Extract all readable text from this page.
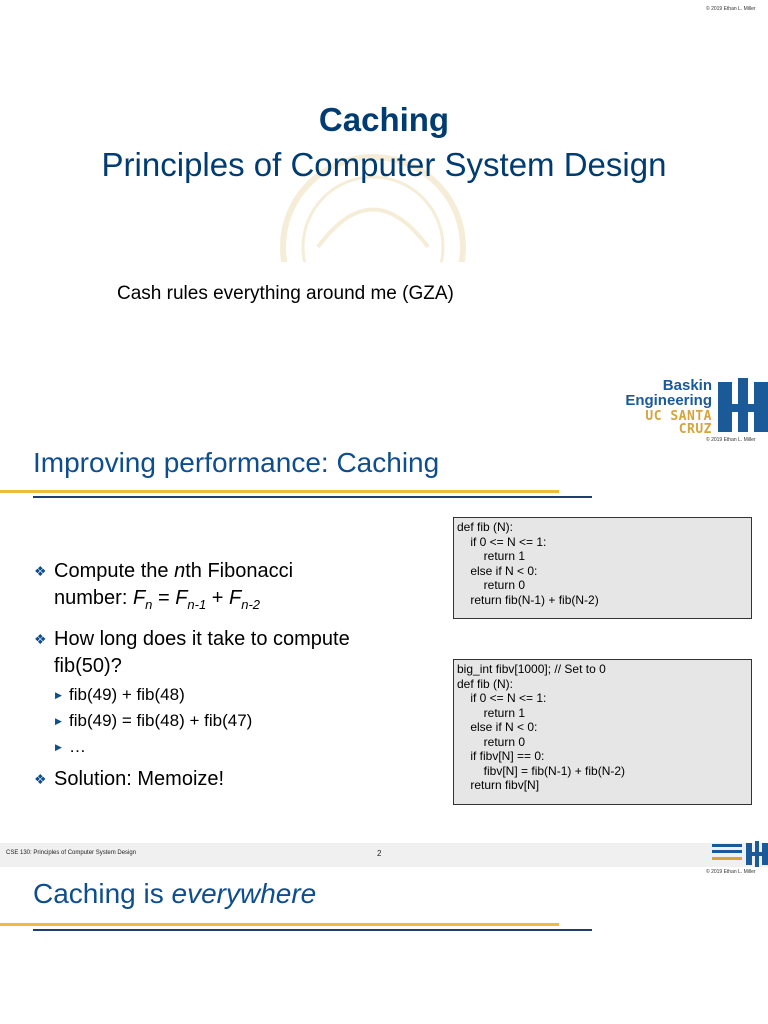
© 2019 Ethan L. Miller
Caching
Principles of Computer System Design
Cash rules everything around me (GZA)
Baskin
Engineering
UC SANTA CRUZ
© 2019 Ethan L. Miller
Improving performance: Caching
❖ Compute the nth Fibonacci
number: $F_n = F_{n-1} + F_{n-2}$
❖ How long does it take to compute fib(50)?
▶ fib(49) + fib(48)
▶ fib(49) = fib(48) + fib(47)
▶ …
❖ Solution: Memoize!
def fib (N):
if 0 <= N <= 1:
return 1
else if N < 0:
return 0
return fib(N-1) + fib(N-2)
big_int fibv[1000]; // Set to 0
def fib (N):
if 0 <= N <= 1:
return 1
else if N < 0:
return 0
if fibv[N] == 0:
fibv[N] = fib(N-1) + fib(N-2)
return fibv[N]
CSE 130: Principles of Computer System Design	2
© 2019 Ethan L. Miller
Caching is everywhere
